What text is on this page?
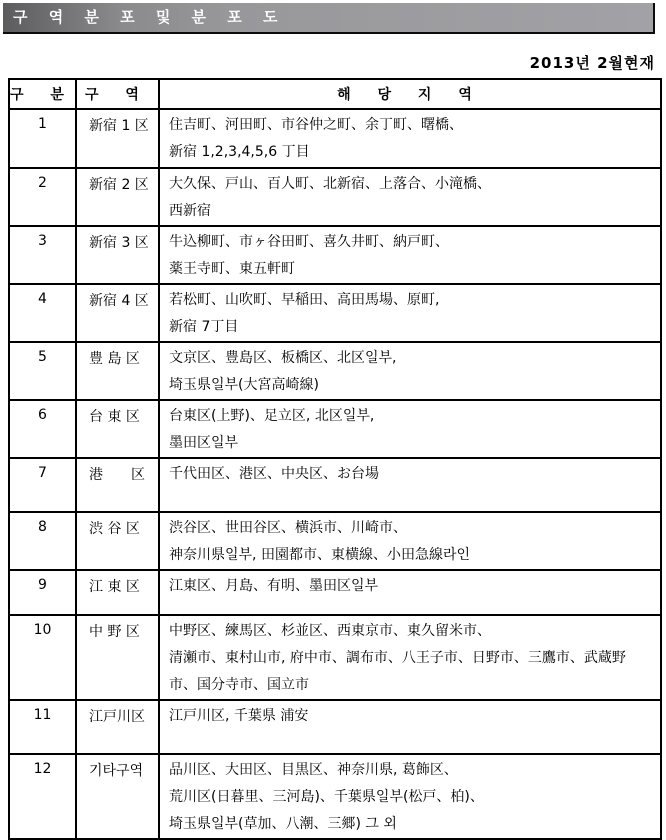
구 역 분 포 및 분 포 도
2013년 2월현재
구 분	구 역	해 당 지 역
1	新宿 1 区	住吉町、河田町、市谷仲之町、余丁町、曙橋、
新宿 1,2,3,4,5,6 丁目

2	新宿 2 区	大久保、戸山、百人町、北新宿、上落合、小滝橋、
西新宿

3	新宿 3 区	牛込柳町、市ヶ谷田町、喜久井町、納戸町、
薬王寺町、東五軒町

4	新宿 4 区	若松町、山吹町、早稲田、高田馬場、原町,
新宿 7丁目

5	豊 島 区	文京区、豊島区、板橋区、北区일부,
埼玉県일부(大宮高崎線)

6	台 東 区	台東区(上野)、足立区, 北区일부,
墨田区일부

7	港　　区	千代田区、港区、中央区、お台場

8	渋 谷 区	渋谷区、世田谷区、横浜市、川崎市、
神奈川県일부, 田園都市、東横線、小田急線라인

9	江 東 区	江東区、月島、有明、墨田区일부

10	中 野 区	中野区、練馬区、杉並区、西東京市、東久留米市、
清瀬市、東村山市, 府中市、調布市、八王子市、日野市、三鷹市、武蔵野
市、国分寺市、国立市

11	江戸川区	江戸川区, 千葉県 浦安

12	기타구역	品川区、大田区、目黒区、神奈川県, 葛飾区、
荒川区(日暮里、三河島)、千葉県일부(松戸、柏)、
埼玉県일부(草加、八潮、三郷) 그 외
